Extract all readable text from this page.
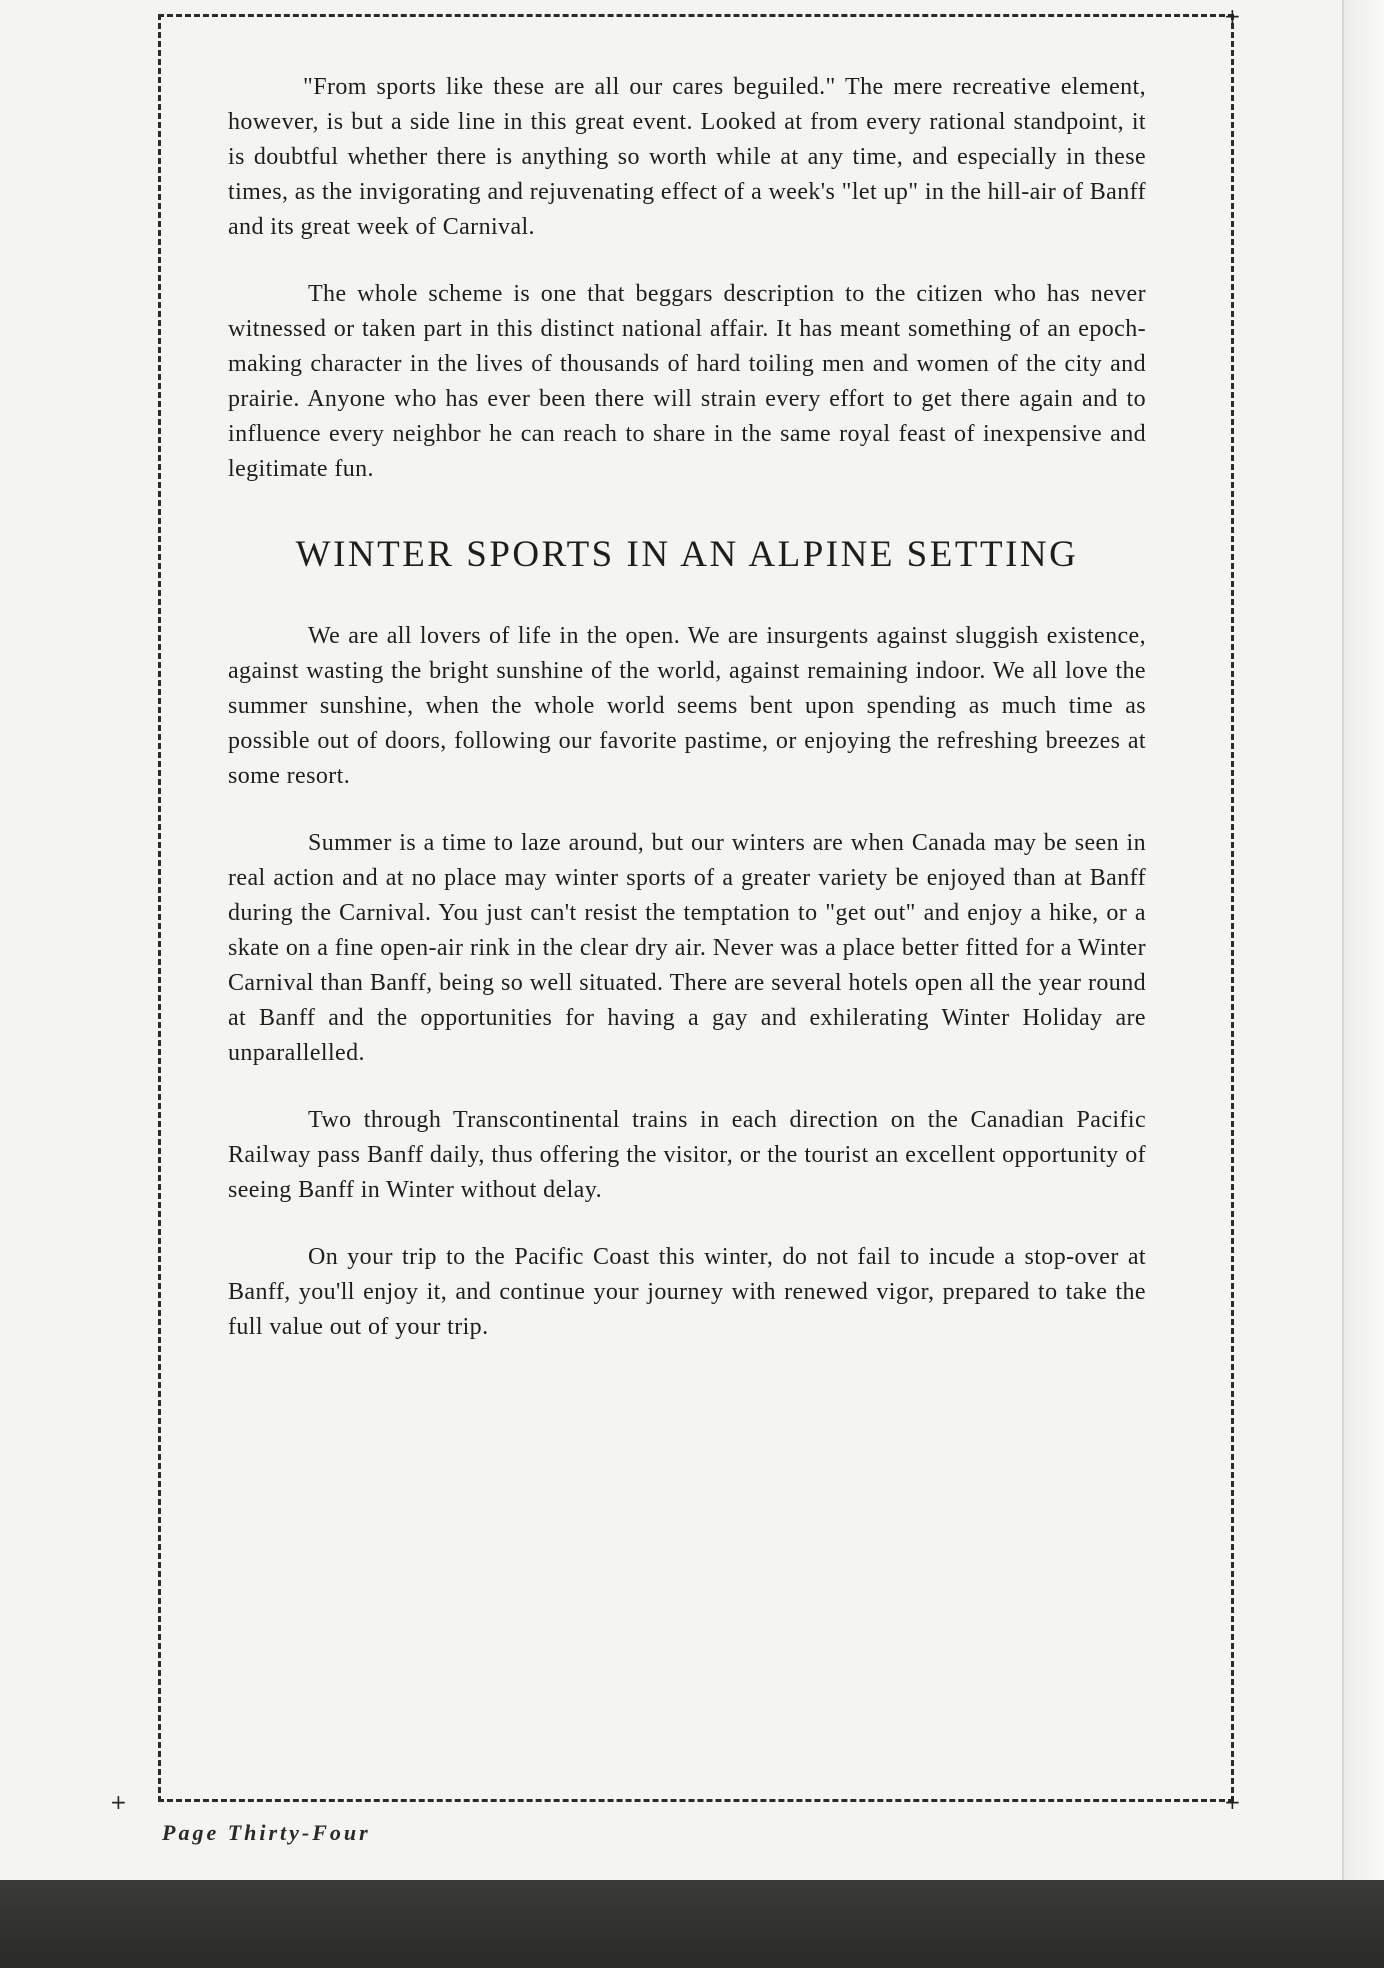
+
+	+

"From sports like these are all our cares beguiled." The mere recreative element, however, is but a side line in this great event. Looked at from every rational standpoint, it is doubtful whether there is anything so worth while at any time, and especially in these times, as the invigorating and rejuvenating effect of a week's "let up" in the hill-air of Banff and its great week of Carnival.

The whole scheme is one that beggars description to the citizen who has never witnessed or taken part in this distinct national affair. It has meant something of an epoch-making character in the lives of thousands of hard toiling men and women of the city and prairie. Anyone who has ever been there will strain every effort to get there again and to influence every neighbor he can reach to share in the same royal feast of inexpensive and legitimate fun.

WINTER SPORTS IN AN ALPINE SETTING

We are all lovers of life in the open. We are insurgents against sluggish existence, against wasting the bright sunshine of the world, against remaining indoor. We all love the summer sunshine, when the whole world seems bent upon spending as much time as possible out of doors, following our favorite pastime, or enjoying the refreshing breezes at some resort.

Summer is a time to laze around, but our winters are when Canada may be seen in real action and at no place may winter sports of a greater variety be enjoyed than at Banff during the Carnival. You just can't resist the temptation to "get out" and enjoy a hike, or a skate on a fine open-air rink in the clear dry air. Never was a place better fitted for a Winter Carnival than Banff, being so well situated. There are several hotels open all the year round at Banff and the opportunities for having a gay and exhilerating Winter Holiday are unparallelled.

Two through Transcontinental trains in each direction on the Canadian Pacific Railway pass Banff daily, thus offering the visitor, or the tourist an excellent opportunity of seeing Banff in Winter without delay.

On your trip to the Pacific Coast this winter, do not fail to incude a stop-over at Banff, you'll enjoy it, and continue your journey with renewed vigor, prepared to take the full value out of your trip.

Page Thirty-Four
